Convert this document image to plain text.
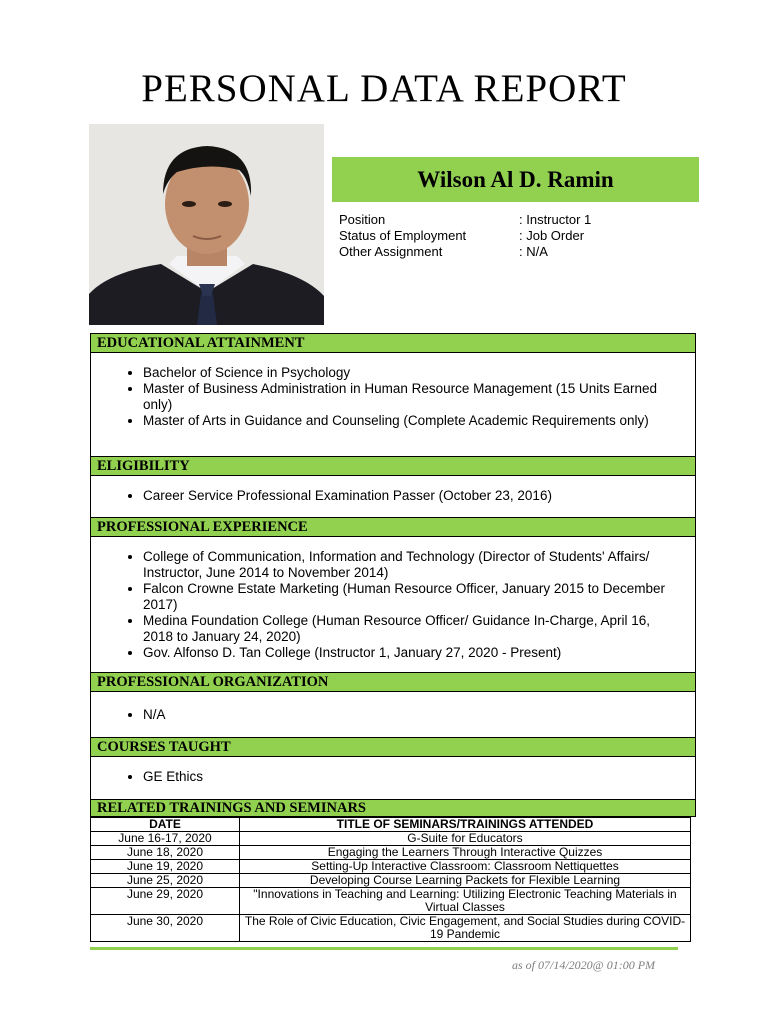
PERSONAL DATA REPORT
Wilson Al D. Ramin
Position	: Instructor 1
Status of Employment	: Job Order
Other Assignment	: N/A
EDUCATIONAL ATTAINMENT
• Bachelor of Science in Psychology
• Master of Business Administration in Human Resource Management (15 Units Earned only)
• Master of Arts in Guidance and Counseling (Complete Academic Requirements only)
ELIGIBILITY
• Career Service Professional Examination Passer (October 23, 2016)
PROFESSIONAL EXPERIENCE
• College of Communication, Information and Technology (Director of Students' Affairs/ Instructor, June 2014 to November 2014)
• Falcon Crowne Estate Marketing (Human Resource Officer, January 2015 to December 2017)
• Medina Foundation College (Human Resource Officer/ Guidance In-Charge, April 16, 2018 to January 24, 2020)
• Gov. Alfonso D. Tan College (Instructor 1, January 27, 2020 - Present)
PROFESSIONAL ORGANIZATION
• N/A
COURSES TAUGHT
• GE Ethics
RELATED TRAININGS AND SEMINARS
DATE	TITLE OF SEMINARS/TRAININGS ATTENDED
June 16-17, 2020	G-Suite for Educators
June 18, 2020	Engaging the Learners Through Interactive Quizzes
June 19, 2020	Setting-Up Interactive Classroom: Classroom Nettiquettes
June 25, 2020	Developing Course Learning Packets for Flexible Learning
June 29, 2020	"Innovations in Teaching and Learning: Utilizing Electronic Teaching Materials in Virtual Classes
June 30, 2020	The Role of Civic Education, Civic Engagement, and Social Studies during COVID-19 Pandemic
as of 07/14/2020@ 01:00 PM
